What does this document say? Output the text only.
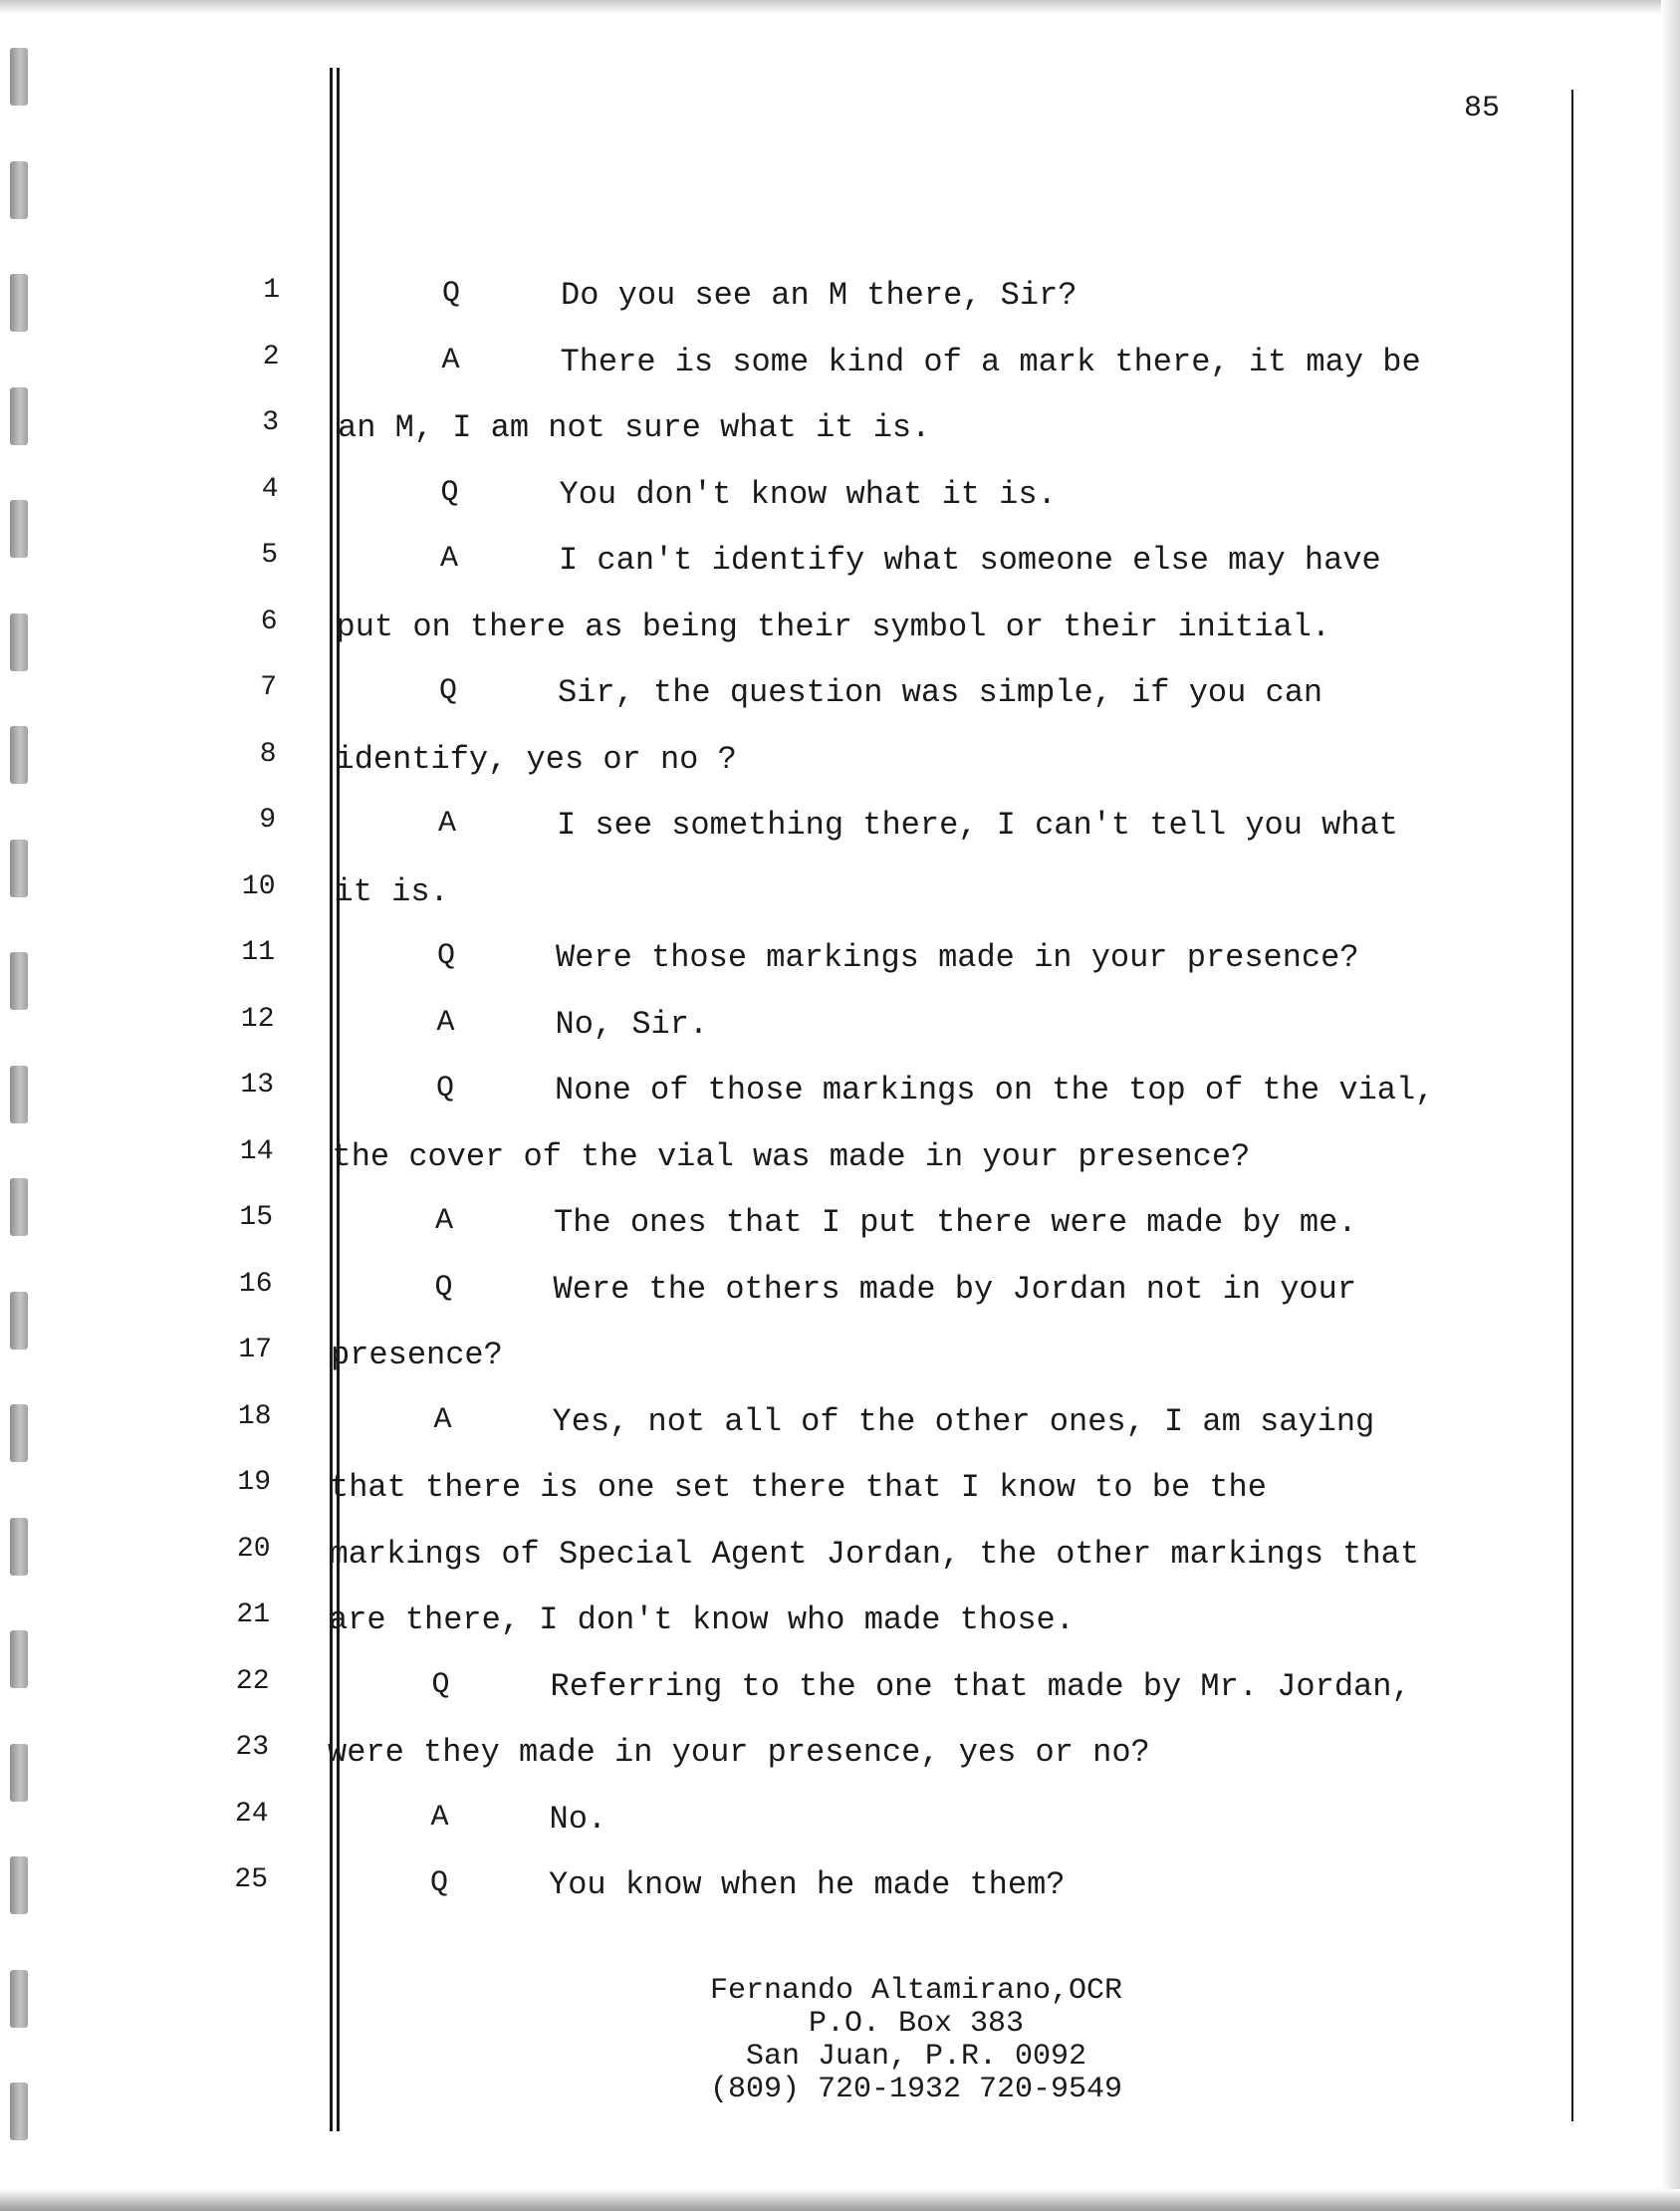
85
1	Q	Do you see an M there, Sir?
2	A	There is some kind of a mark there, it may be
3 an M, I am not sure what it is.
4	Q	You don't know what it is.
5	A	I can't identify what someone else may have
6 put on there as being their symbol or their initial.
7	Q	Sir, the question was simple, if you can
8 identify, yes or no ?
9	A	I see something there, I can't tell you what
10 it is.
11	Q	Were those markings made in your presence?
12	A	No, Sir.
13	Q	None of those markings on the top of the vial,
14 the cover of the vial was made in your presence?
15	A	The ones that I put there were made by me.
16	Q	Were the others made by Jordan not in your
17 presence?
18	A	Yes, not all of the other ones, I am saying
19 that there is one set there that I know to be the
20 markings of Special Agent Jordan, the other markings that
21 are there, I don't know who made those.
22	Q	Referring to the one that made by Mr. Jordan,
23 were they made in your presence, yes or no?
24	A	No.
25	Q	You know when he made them?
Fernando Altamirano,OCR
P.O. Box 383
San Juan, P.R. 0092
(809) 720-1932 720-9549
